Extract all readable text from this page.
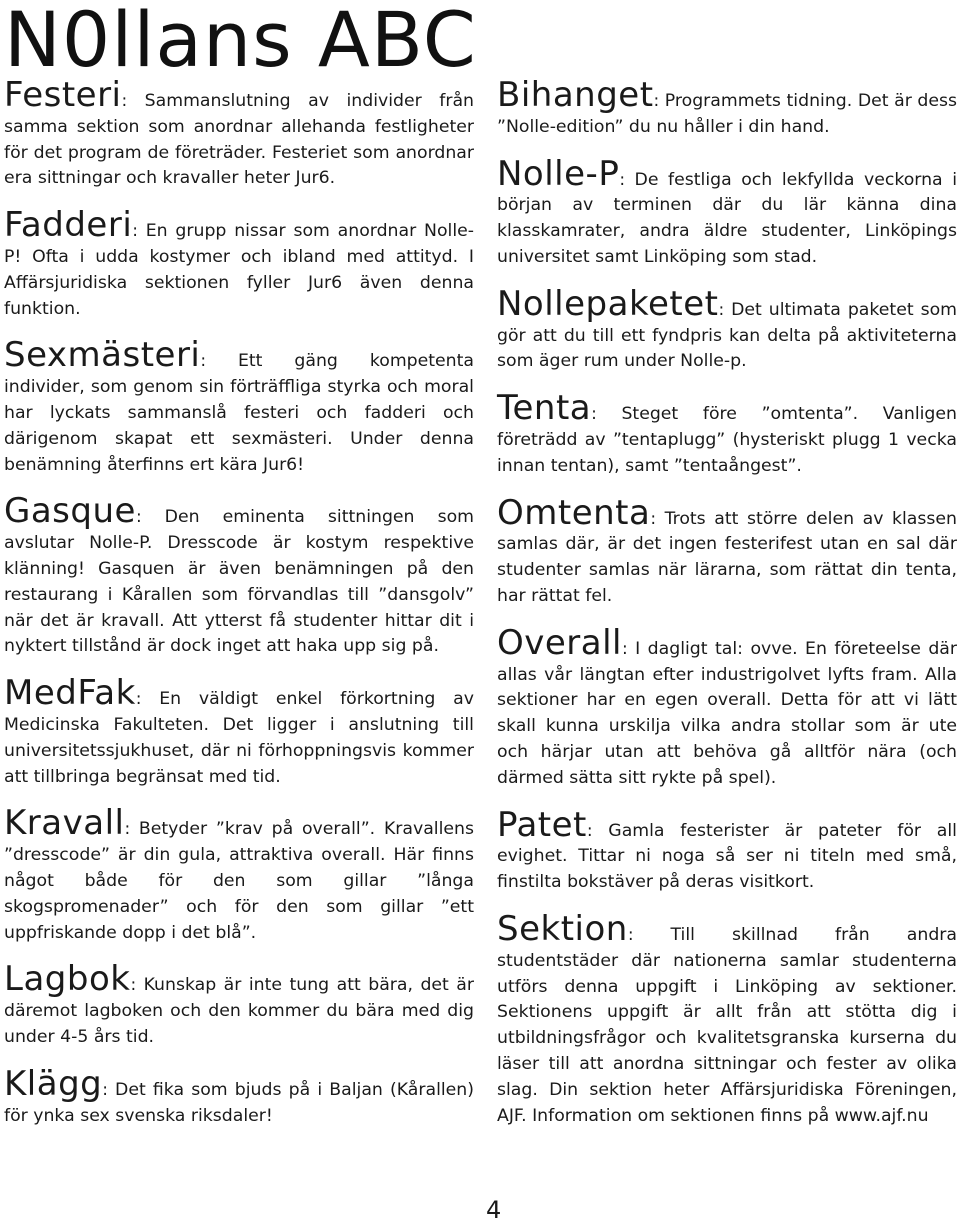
N0llans ABC

Festeri: Sammanslutning av individer från samma sektion som anordnar allehanda festligheter för det program de företräder. Festeriet som anordnar era sittningar och kravaller heter Jur6.

Fadderi: En grupp nissar som anordnar Nolle-P! Ofta i udda kostymer och ibland med attityd. I Affärsjuridiska sektionen fyller Jur6 även denna funktion.

Sexmästeri: Ett gäng kompetenta individer, som genom sin förträffliga styrka och moral har lyckats sammanslå festeri och fadderi och därigenom skapat ett sexmästeri. Under denna benämning återfinns ert kära Jur6!

Gasque: Den eminenta sittningen som avslutar Nolle-P. Dresscode är kostym respektive klänning! Gasquen är även benämningen på den restaurang i Kårallen som förvandlas till ”dansgolv” när det är kravall. Att ytterst få studenter hittar dit i nyktert tillstånd är dock inget att haka upp sig på.

MedFak: En väldigt enkel förkortning av Medicinska Fakulteten. Det ligger i anslutning till universitetssjukhuset, där ni förhoppningsvis kommer att tillbringa begränsat med tid.

Kravall: Betyder ”krav på overall”. Kravallens ”dresscode” är din gula, attraktiva overall. Här finns något både för den som gillar ”långa skogspromenader” och för den som gillar ”ett uppfriskande dopp i det blå”.

Lagbok: Kunskap är inte tung att bära, det är däremot lagboken och den kommer du bära med dig under 4-5 års tid.

Klägg: Det fika som bjuds på i Baljan (Kårallen) för ynka sex svenska riksdaler!

Bihanget: Programmets tidning. Det är dess ”Nolle-edition” du nu håller i din hand.

Nolle-P: De festliga och lekfyllda veckorna i början av terminen där du lär känna dina klasskamrater, andra äldre studenter, Linköpings universitet samt Linköping som stad.

Nollepaketet: Det ultimata paketet som gör att du till ett fyndpris kan delta på aktiviteterna som äger rum under Nolle-p.

Tenta: Steget före ”omtenta”. Vanligen företrädd av ”tentaplugg” (hysteriskt plugg 1 vecka innan tentan), samt ”tentaångest”.

Omtenta: Trots att större delen av klassen samlas där, är det ingen festerifest utan en sal där studenter samlas när lärarna, som rättat din tenta, har rättat fel.

Overall: I dagligt tal: ovve. En företeelse där allas vår längtan efter industrigolvet lyfts fram. Alla sektioner har en egen overall. Detta för att vi lätt skall kunna urskilja vilka andra stollar som är ute och härjar utan att behöva gå alltför nära (och därmed sätta sitt rykte på spel).

Patet: Gamla festerister är pateter för all evighet. Tittar ni noga så ser ni titeln med små, finstilta bokstäver på deras visitkort.

Sektion: Till skillnad från andra studentstäder där nationerna samlar studenterna utförs denna uppgift i Linköping av sektioner. Sektionens uppgift är allt från att stötta dig i utbildningsfrågor och kvalitetsgranska kurserna du läser till att anordna sittningar och fester av olika slag. Din sektion heter Affärsjuridiska Föreningen, AJF. Information om sektionen finns på www.ajf.nu

4
